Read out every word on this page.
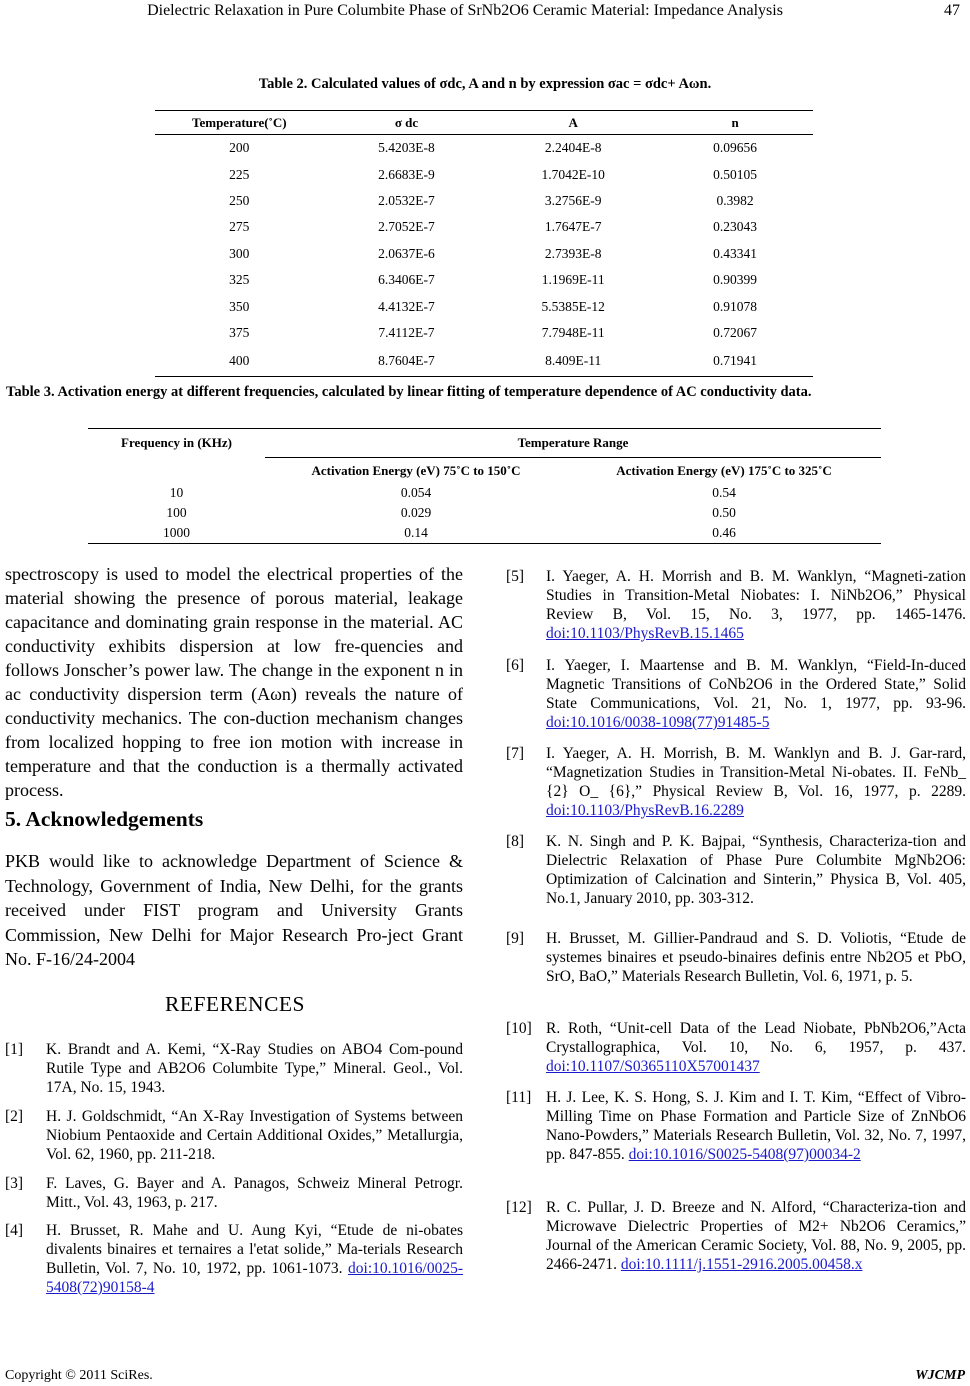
Dielectric Relaxation in Pure Columbite Phase of SrNb2O6 Ceramic Material: Impedance Analysis	47
Table 2. Calculated values of σdc, A and n by expression σac = σdc+ Aωn.
Temperature(˚C)	σ dc	A	n
200	5.4203E-8	2.2404E-8	0.09656
225	2.6683E-9	1.7042E-10	0.50105
250	2.0532E-7	3.2756E-9	0.3982
275	2.7052E-7	1.7647E-7	0.23043
300	2.0637E-6	2.7393E-8	0.43341
325	6.3406E-7	1.1969E-11	0.90399
350	4.4132E-7	5.5385E-12	0.91078
375	7.4112E-7	7.7948E-11	0.72067
400	8.7604E-7	8.409E-11	0.71941
Table 3. Activation energy at different frequencies, calculated by linear fitting of temperature dependence of AC conductivity data.
Frequency in (KHz)	Temperature Range	
	Activation Energy (eV) 75˚C to 150˚C	Activation Energy (eV) 175˚C to 325˚C
10	0.054	0.54
100	0.029	0.50
1000	0.14	0.46

spectroscopy is used to model the electrical properties of the material showing the presence of porous material, leakage capacitance and dominating grain response in the material. AC conductivity exhibits dispersion at low fre-quencies and follows Jonscher’s power law. The change in the exponent n in ac conductivity dispersion term (Aωn) reveals the nature of conductivity mechanics. The con-duction mechanism changes from localized hopping to free ion motion with increase in temperature and that the conduction is a thermally activated process.

5. Acknowledgements
PKB would like to acknowledge Department of Science & Technology, Government of India, New Delhi, for the grants received under FIST program and University Grants Commission, New Delhi for Major Research Pro-ject Grant No. F-16/24-2004
REFERENCES
[1] K. Brandt and A. Kemi, “X-Ray Studies on ABO4 Com-pound Rutile Type and AB2O6 Columbite Type,” Mineral. Geol., Vol. 17A, No. 15, 1943.
[2] H. J. Goldschmidt, “An X-Ray Investigation of Systems between Niobium Pentaoxide and Certain Additional Oxides,” Metallurgia, Vol. 62, 1960, pp. 211-218.
[3] F. Laves, G. Bayer and A. Panagos, Schweiz Mineral Petrogr. Mitt., Vol. 43, 1963, p. 217.
[4] H. Brusset, R. Mahe and U. Aung Kyi, “Etude de ni-obates divalents binaires et ternaires a l'etat solide,” Ma-terials Research Bulletin, Vol. 7, No. 10, 1972, pp. 1061-1073. doi:10.1016/0025-5408(72)90158-4
[5] I. Yaeger, A. H. Morrish and B. M. Wanklyn, “Magneti-zation Studies in Transition-Metal Niobates: I. NiNb2O6,” Physical Review B, Vol. 15, No. 3, 1977, pp. 1465-1476. doi:10.1103/PhysRevB.15.1465
[6] I. Yaeger, I. Maartense and B. M. Wanklyn, “Field-In-duced Magnetic Transitions of CoNb2O6 in the Ordered State,” Solid State Communications, Vol. 21, No. 1, 1977, pp. 93-96. doi:10.1016/0038-1098(77)91485-5
[7] I. Yaeger, A. H. Morrish, B. M. Wanklyn and B. J. Gar-rard, “Magnetization Studies in Transition-Metal Ni-obates. II. FeNb_ {2} O_ {6},” Physical Review B, Vol. 16, 1977, p. 2289. doi:10.1103/PhysRevB.16.2289
[8] K. N. Singh and P. K. Bajpai, “Synthesis, Characteriza-tion and Dielectric Relaxation of Phase Pure Columbite MgNb2O6: Optimization of Calcination and Sinterin,” Physica B, Vol. 405, No.1, January 2010, pp. 303-312.
[9] H. Brusset, M. Gillier-Pandraud and S. D. Voliotis, “Etude de systemes binaires et pseudo-binaires definis entre Nb2O5 et PbO, SrO, BaO,” Materials Research Bulletin, Vol. 6, 1971, p. 5.
[10] R. Roth, “Unit-cell Data of the Lead Niobate, PbNb2O6,”Acta Crystallographica, Vol. 10, No. 6, 1957, p. 437. doi:10.1107/S0365110X57001437
[11] H. J. Lee, K. S. Hong, S. J. Kim and I. T. Kim, “Effect of Vibro-Milling Time on Phase Formation and Particle Size of ZnNbO6 Nano-Powders,” Materials Research Bulletin, Vol. 32, No. 7, 1997, pp. 847-855. doi:10.1016/S0025-5408(97)00034-2
[12] R. C. Pullar, J. D. Breeze and N. Alford, “Characteriza-tion and Microwave Dielectric Properties of M2+ Nb2O6 Ceramics,” Journal of the American Ceramic Society, Vol. 88, No. 9, 2005, pp. 2466-2471. doi:10.1111/j.1551-2916.2005.00458.x
Copyright © 2011 SciRes.	WJCMP
